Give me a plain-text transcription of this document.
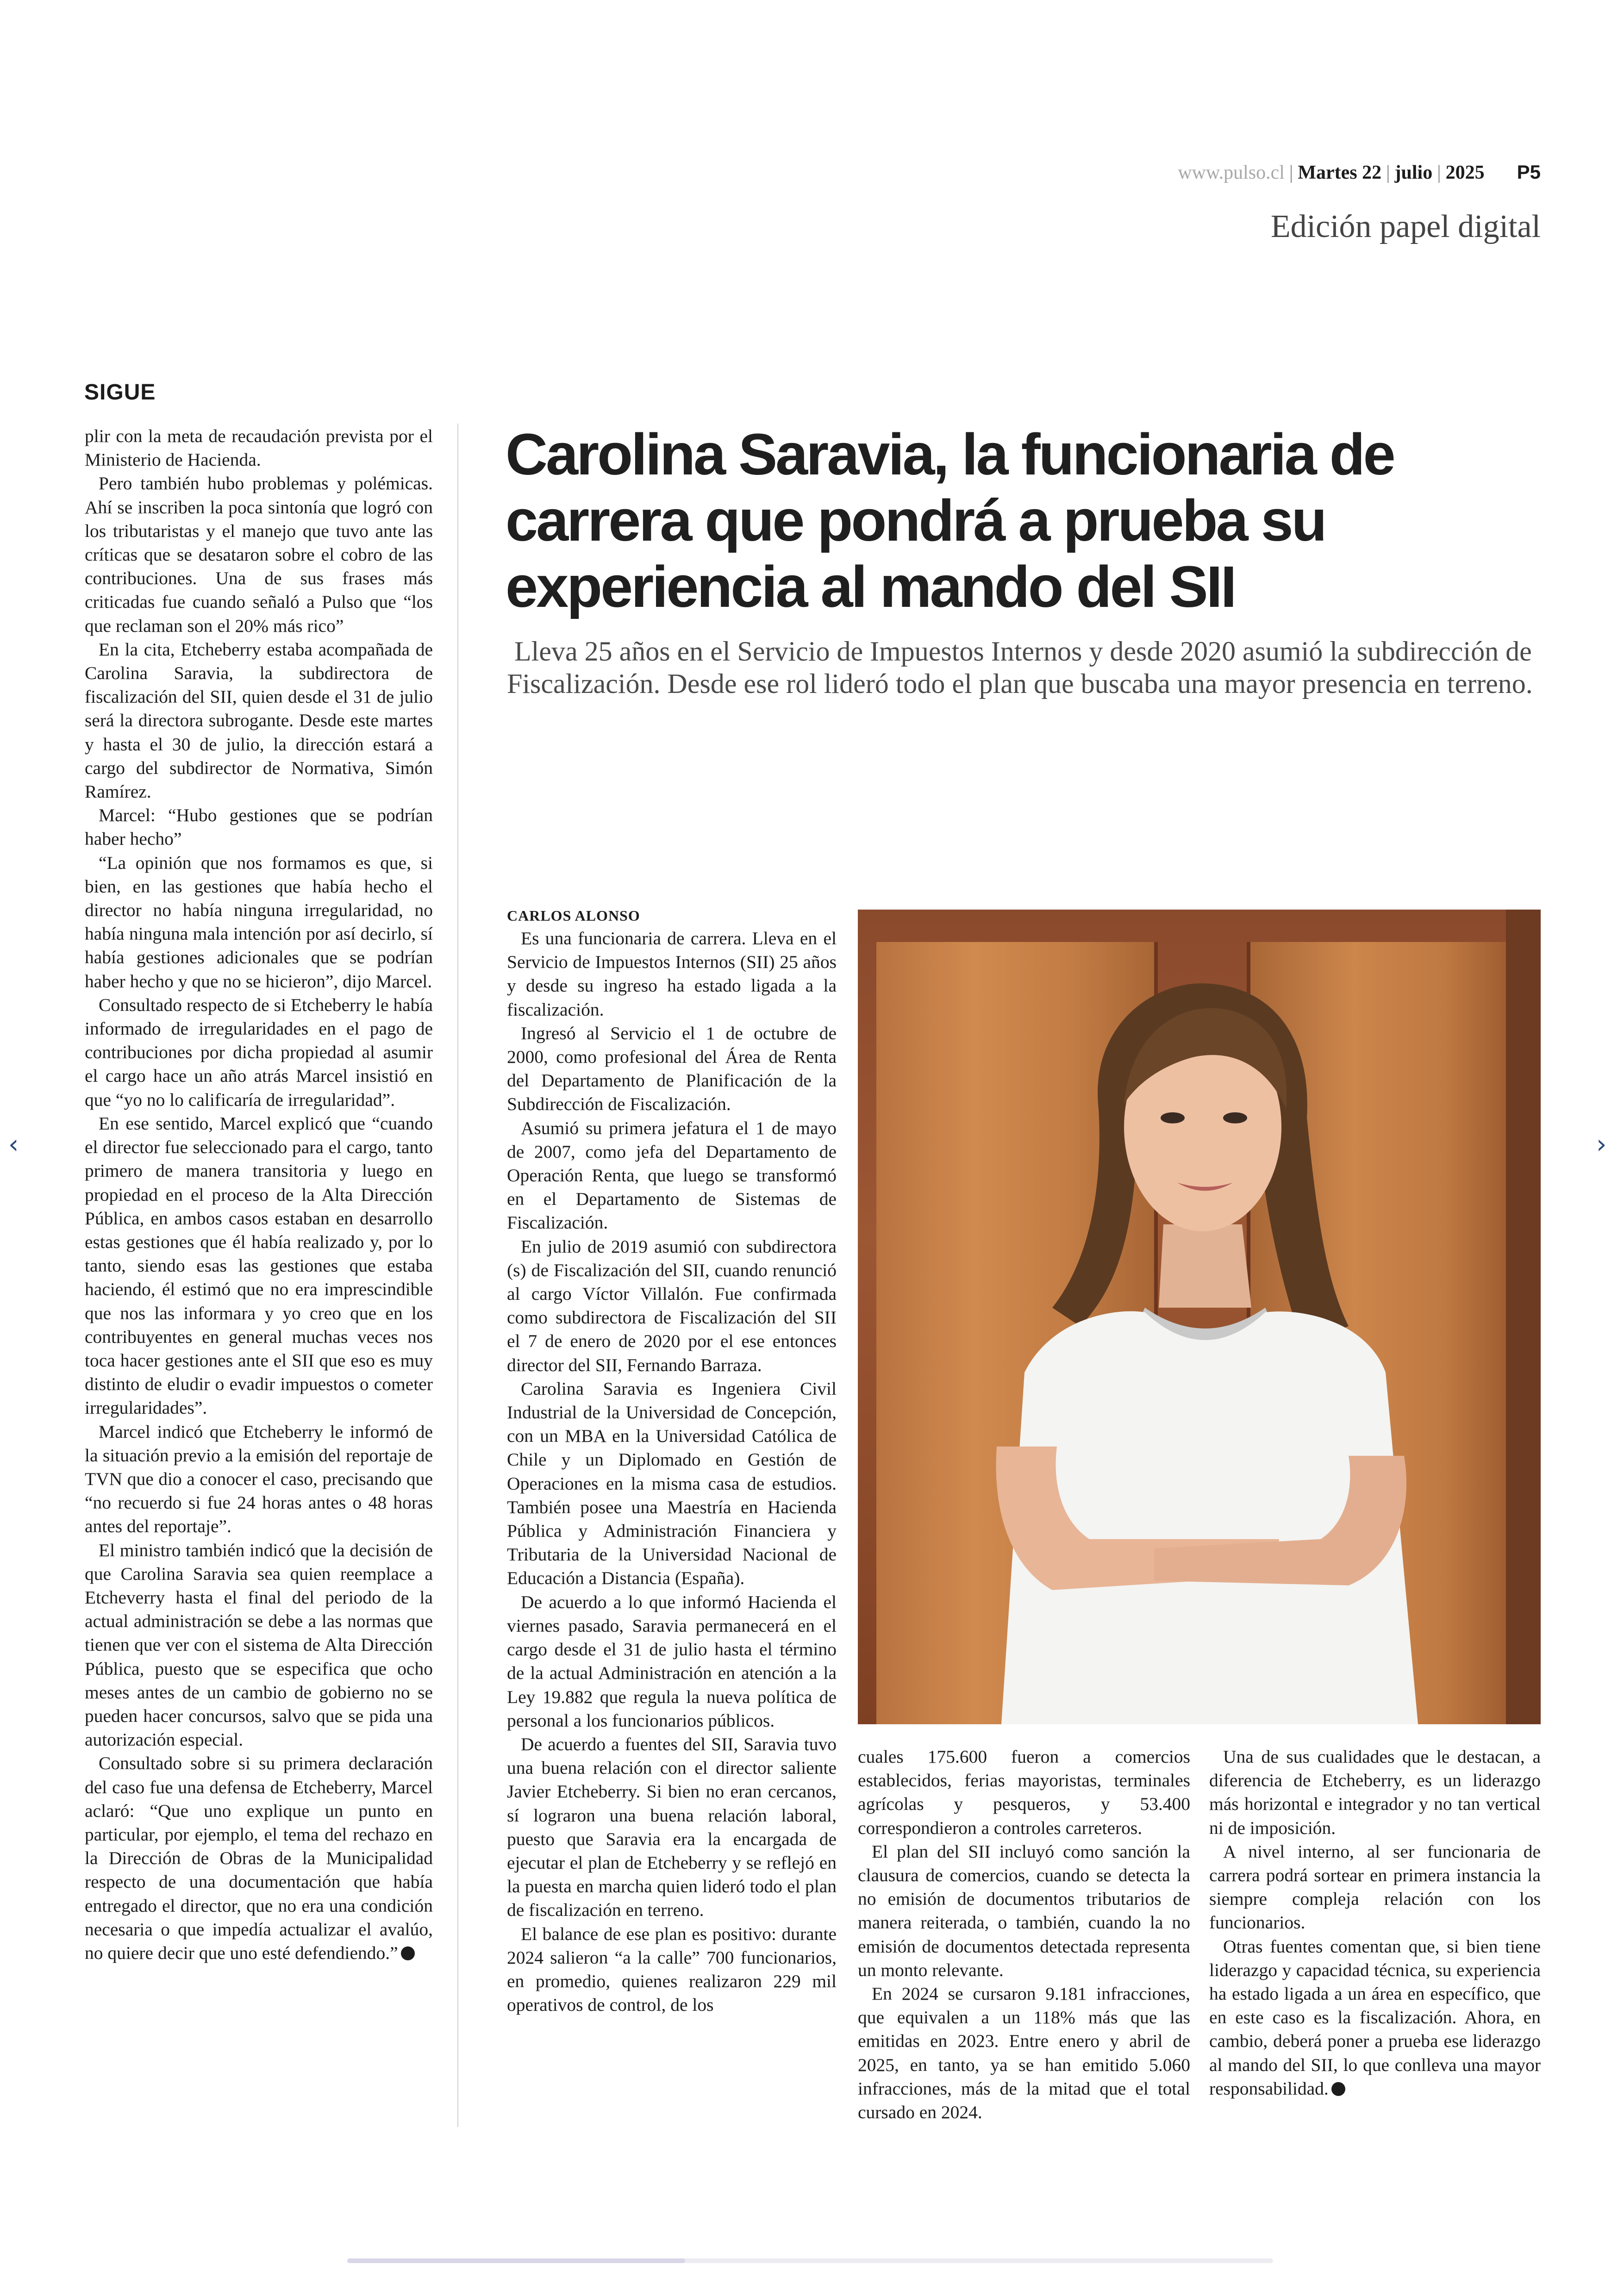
www.pulso.cl | Martes 22 | julio | 2025 P5
Edición papel digital
SIGUE

plir con la meta de recaudación prevista por el Ministerio de Hacienda.

Pero también hubo problemas y polémicas. Ahí se inscriben la poca sintonía que logró con los tributaristas y el manejo que tuvo ante las críticas que se desataron sobre el cobro de las contribuciones. Una de sus frases más criticadas fue cuando señaló a Pulso que “los que reclaman son el 20% más rico”

En la cita, Etcheberry estaba acompañada de Carolina Saravia, la subdirectora de fiscalización del SII, quien desde el 31 de julio será la directora subrogante. Desde este martes y hasta el 30 de julio, la dirección estará a cargo del subdirector de Normativa, Simón Ramírez.

Marcel: “Hubo gestiones que se podrían haber hecho”

“La opinión que nos formamos es que, si bien, en las gestiones que había hecho el director no había ninguna irregularidad, no había ninguna mala intención por así decirlo, sí había gestiones adicionales que se podrían haber hecho y que no se hicieron”, dijo Marcel.

Consultado respecto de si Etcheberry le había informado de irregularidades en el pago de contribuciones por dicha propiedad al asumir el cargo hace un año atrás Marcel insistió en que “yo no lo calificaría de irregularidad”.

En ese sentido, Marcel explicó que “cuando el director fue seleccionado para el cargo, tanto primero de manera transitoria y luego en propiedad en el proceso de la Alta Dirección Pública, en ambos casos estaban en desarrollo estas gestiones que él había realizado y, por lo tanto, siendo esas las gestiones que estaba haciendo, él estimó que no era imprescindible que nos las informara y yo creo que en los contribuyentes en general muchas veces nos toca hacer gestiones ante el SII que eso es muy distinto de eludir o evadir impuestos o cometer irregularidades”.

Marcel indicó que Etcheberry le informó de la situación previo a la emisión del reportaje de TVN que dio a conocer el caso, precisando que “no recuerdo si fue 24 horas antes o 48 horas antes del reportaje”.

El ministro también indicó que la decisión de que Carolina Saravia sea quien reemplace a Etcheverry hasta el final del periodo de la actual administración se debe a las normas que tienen que ver con el sistema de Alta Dirección Pública, puesto que se especifica que ocho meses antes de un cambio de gobierno no se pueden hacer concursos, salvo que se pida una autorización especial.

Consultado sobre si su primera declaración del caso fue una defensa de Etcheberry, Marcel aclaró: “Que uno explique un punto en particular, por ejemplo, el tema del rechazo en la Dirección de Obras de la Municipalidad respecto de una documentación que había entregado el director, que no era una condición necesaria o que impedía actualizar el avalúo, no quiere decir que uno esté defendiendo.”

Carolina Saravia, la funcionaria de carrera que pondrá a prueba su experiencia al mando del SII
Lleva 25 años en el Servicio de Impuestos Internos y desde 2020 asumió la subdirección de Fiscalización. Desde ese rol lideró todo el plan que buscaba una mayor presencia en terreno.
CARLOS ALONSO

Es una funcionaria de carrera. Lleva en el Servicio de Impuestos Internos (SII) 25 años y desde su ingreso ha estado ligada a la fiscalización.

Ingresó al Servicio el 1 de octubre de 2000, como profesional del Área de Renta del Departamento de Planificación de la Subdirección de Fiscalización.

Asumió su primera jefatura el 1 de mayo de 2007, como jefa del Departamento de Operación Renta, que luego se transformó en el Departamento de Sistemas de Fiscalización.

En julio de 2019 asumió con subdirectora (s) de Fiscalización del SII, cuando renunció al cargo Víctor Villalón. Fue confirmada como subdirectora de Fiscalización del SII el 7 de enero de 2020 por el ese entonces director del SII, Fernando Barraza.

Carolina Saravia es Ingeniera Civil Industrial de la Universidad de Concepción, con un MBA en la Universidad Católica de Chile y un Diplomado en Gestión de Operaciones en la misma casa de estudios. También posee una Maestría en Hacienda Pública y Administración Financiera y Tributaria de la Universidad Nacional de Educación a Distancia (España).

De acuerdo a lo que informó Hacienda el viernes pasado, Saravia permanecerá en el cargo desde el 31 de julio hasta el término de la actual Administración en atención a la Ley 19.882 que regula la nueva política de personal a los funcionarios públicos.

De acuerdo a fuentes del SII, Saravia tuvo una buena relación con el director saliente Javier Etcheberry. Si bien no eran cercanos, sí lograron una buena relación laboral, puesto que Saravia era la encargada de ejecutar el plan de Etcheberry y se reflejó en la puesta en marcha quien lideró todo el plan de fiscalización en terreno.

El balance de ese plan es positivo: durante 2024 salieron “a la calle” 700 funcionarios, en promedio, quienes realizaron 229 mil operativos de control, de los

cuales 175.600 fueron a comercios establecidos, ferias mayoristas, terminales agrícolas y pesqueros, y 53.400 correspondieron a controles carreteros.

El plan del SII incluyó como sanción la clausura de comercios, cuando se detecta la no emisión de documentos tributarios de manera reiterada, o también, cuando la no emisión de documentos detectada representa un monto relevante.

En 2024 se cursaron 9.181 infracciones, que equivalen a un 118% más que las emitidas en 2023. Entre enero y abril de 2025, en tanto, ya se han emitido 5.060 infracciones, más de la mitad que el total cursado en 2024.

Una de sus cualidades que le destacan, a diferencia de Etcheberry, es un liderazgo más horizontal e integrador y no tan vertical ni de imposición.

A nivel interno, al ser funcionaria de carrera podrá sortear en primera instancia la siempre compleja relación con los funcionarios.

Otras fuentes comentan que, si bien tiene liderazgo y capacidad técnica, su experiencia ha estado ligada a un área en específico, que en este caso es la fiscalización. Ahora, en cambio, deberá poner a prueba ese liderazgo al mando del SII, lo que conlleva una mayor responsabilidad.

‹	›
